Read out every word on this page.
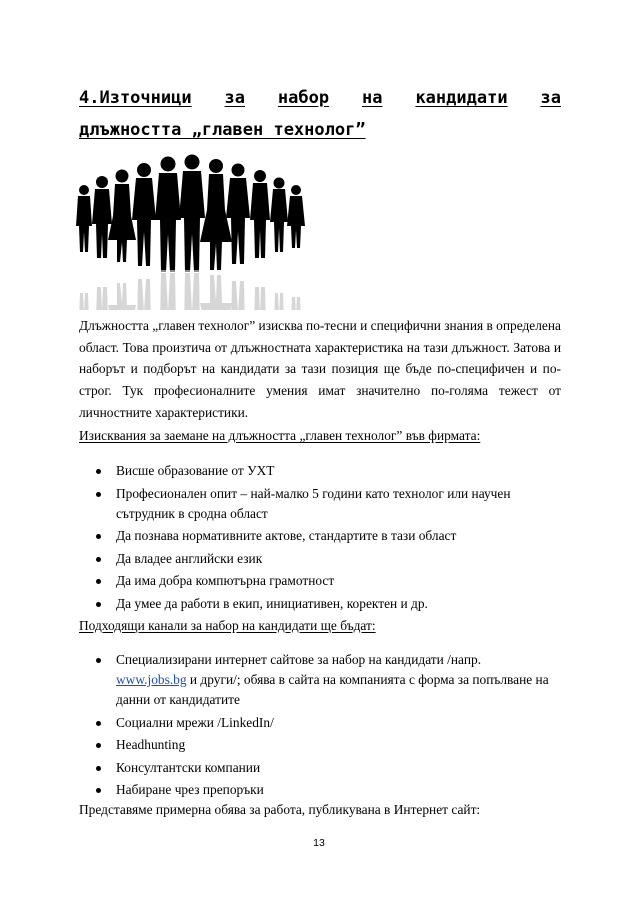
4.Източници за набор на кандидати за
длъжността „главен технолог”
Длъжността „главен технолог” изисква по-тесни и специфични знания в определена област. Това произтича от длъжностната характеристика на тази длъжност. Затова и наборът и подборът на кандидати за тази позиция ще бъде по-специфичен и по-строг. Тук професионалните умения имат значително по-голяма тежест от личностните характеристики.
Изисквания за заемане на длъжността „главен технолог” във фирмата:
Висше образование от УХТ
Професионален опит – най-малко 5 години като технолог или научен сътрудник в сродна област
Да познава нормативните актове, стандартите в тази област
Да владее английски език
Да има добра компютърна грамотност
Да умее да работи в екип, инициативен, коректен и др.
Подходящи канали за набор на кандидати ще бъдат:
Специализирани интернет сайтове за набор на кандидати /напр.
www.jobs.bg и други/; обява в сайта на компанията с форма за попълване на данни от кандидатите
Социални мрежи /LinkedIn/
Headhunting
Консултантски компании
Набиране чрез препоръки
Представяме примерна обява за работа, публикувана в Интернет сайт:
13
